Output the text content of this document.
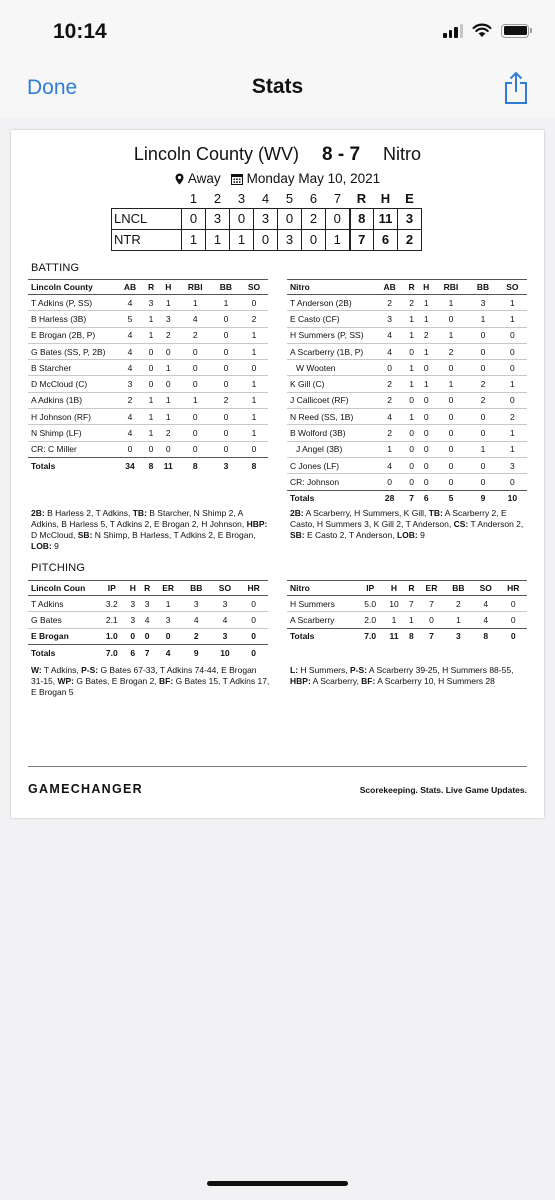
10:14
Done	Stats
Lincoln County (WV) 8 - 7 Nitro
Away Monday May 10, 2021
	1	2	3	4	5	6	7	R	H	E
LNCL	0	3	0	3	0	2	0	8	11	3
NTR	1	1	1	0	3	0	1	7	6	2
BATTING
Lincoln County	AB	R	H	RBI	BB	SO
T Adkins (P, SS)	4	3	1	1	1	0
B Harless (3B)	5	1	3	4	0	2
E Brogan (2B, P)	4	1	2	2	0	1
G Bates (SS, P, 2B)	4	0	0	0	0	1
B Starcher	4	0	1	0	0	0
D McCloud (C)	3	0	0	0	0	1
A Adkins (1B)	2	1	1	1	2	1
H Johnson (RF)	4	1	1	0	0	1
N Shimp (LF)	4	1	2	0	0	1
CR: C Miller	0	0	0	0	0	0
Totals	34	8	11	8	3	8
Nitro	AB	R	H	RBI	BB	SO
T Anderson (2B)	2	2	1	1	3	1
E Casto (CF)	3	1	1	0	1	1
H Summers (P, SS)	4	1	2	1	0	0
A Scarberry (1B, P)	4	0	1	2	0	0
W Wooten	0	1	0	0	0	0
K Gill (C)	2	1	1	1	2	1
J Callicoet (RF)	2	0	0	0	2	0
N Reed (SS, 1B)	4	1	0	0	0	2
B Wolford (3B)	2	0	0	0	0	1
J Angel (3B)	1	0	0	0	1	1
C Jones (LF)	4	0	0	0	0	3
CR: Johnson	0	0	0	0	0	0
Totals	28	7	6	5	9	10
2B: B Harless 2, T Adkins, TB: B Starcher, N Shimp 2, A Adkins, B Harless 5, T Adkins 2, E Brogan 2, H Johnson, HBP: D McCloud, SB: N Shimp, B Harless, T Adkins 2, E Brogan, LOB: 9
2B: A Scarberry, H Summers, K Gill, TB: A Scarberry 2, E Casto, H Summers 3, K Gill 2, T Anderson, CS: T Anderson 2, SB: E Casto 2, T Anderson, LOB: 9
PITCHING
Lincoln Coun	IP	H	R	ER	BB	SO	HR
T Adkins	3.2	3	3	1	3	3	0
G Bates	2.1	3	4	3	4	4	0
E Brogan	1.0	0	0	0	2	3	0
Totals	7.0	6	7	4	9	10	0
Nitro	IP	H	R	ER	BB	SO	HR
H Summers	5.0	10	7	7	2	4	0
A Scarberry	2.0	1	1	0	1	4	0
Totals	7.0	11	8	7	3	8	0
W: T Adkins, P-S: G Bates 67-33, T Adkins 74-44, E Brogan 31-15, WP: G Bates, E Brogan 2, BF: G Bates 15, T Adkins 17, E Brogan 5
L: H Summers, P-S: A Scarberry 39-25, H Summers 88-55, HBP: A Scarberry, BF: A Scarberry 10, H Summers 28
GAMECHANGER	Scorekeeping. Stats. Live Game Updates.
